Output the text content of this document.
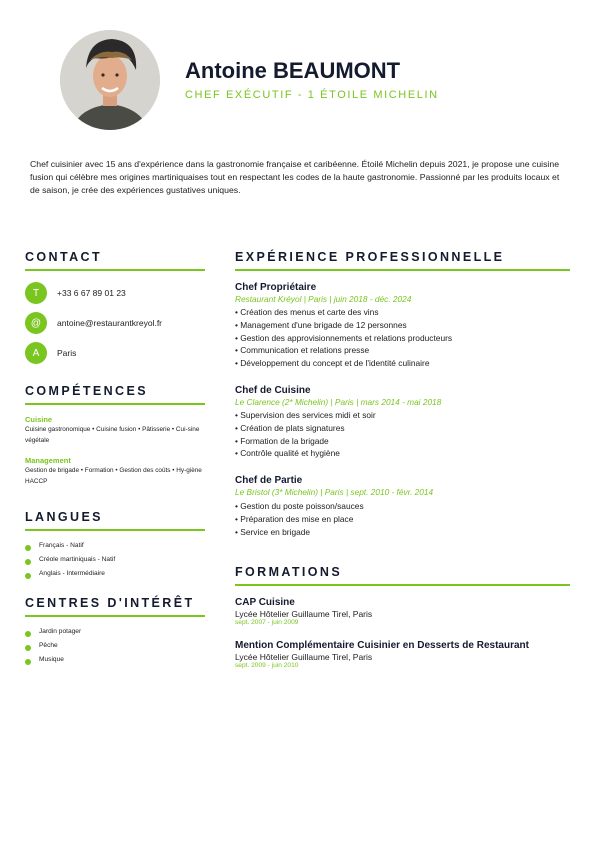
Antoine BEAUMONT
CHEF EXÉCUTIF - 1 ÉTOILE MICHELIN
Chef cuisinier avec 15 ans d'expérience dans la gastronomie française et caribéenne. Étoilé Michelin depuis 2021, je propose une cuisine fusion qui célèbre mes origines martiniquaises tout en respectant les codes de la haute gastronomie. Passionné par les produits locaux et de saison, je crée des expériences gustatives uniques.
CONTACT
T	+33 6 67 89 01 23
@	antoine@restaurantkreyol.fr
A	Paris
COMPÉTENCES
Cuisine
Cuisine gastronomique • Cuisine fusion • Pâtisserie • Cui-sine végétale
Management
Gestion de brigade • Formation • Gestion des coûts • Hy-giène HACCP
LANGUES
Français - Natif
Créole martiniquais - Natif
Anglais - Intermédiaire
CENTRES D'INTÉRÊT
Jardin potager
Pêche
Musique
EXPÉRIENCE PROFESSIONNELLE
Chef Propriétaire
Restaurant Kréyol | Paris | juin 2018 - déc. 2024
• Création des menus et carte des vins
• Management d'une brigade de 12 personnes
• Gestion des approvisionnements et relations producteurs
• Communication et relations presse
• Développement du concept et de l'identité culinaire
Chef de Cuisine
Le Clarence (2* Michelin) | Paris | mars 2014 - mai 2018
• Supervision des services midi et soir
• Création de plats signatures
• Formation de la brigade
• Contrôle qualité et hygiène
Chef de Partie
Le Bristol (3* Michelin) | Paris | sept. 2010 - févr. 2014
• Gestion du poste poisson/sauces
• Préparation des mise en place
• Service en brigade
FORMATIONS
CAP Cuisine
Lycée Hôtelier Guillaume Tirel, Paris
sept. 2007 - juin 2009
Mention Complémentaire Cuisinier en Desserts de Restaurant
Lycée Hôtelier Guillaume Tirel, Paris
sept. 2009 - juin 2010
